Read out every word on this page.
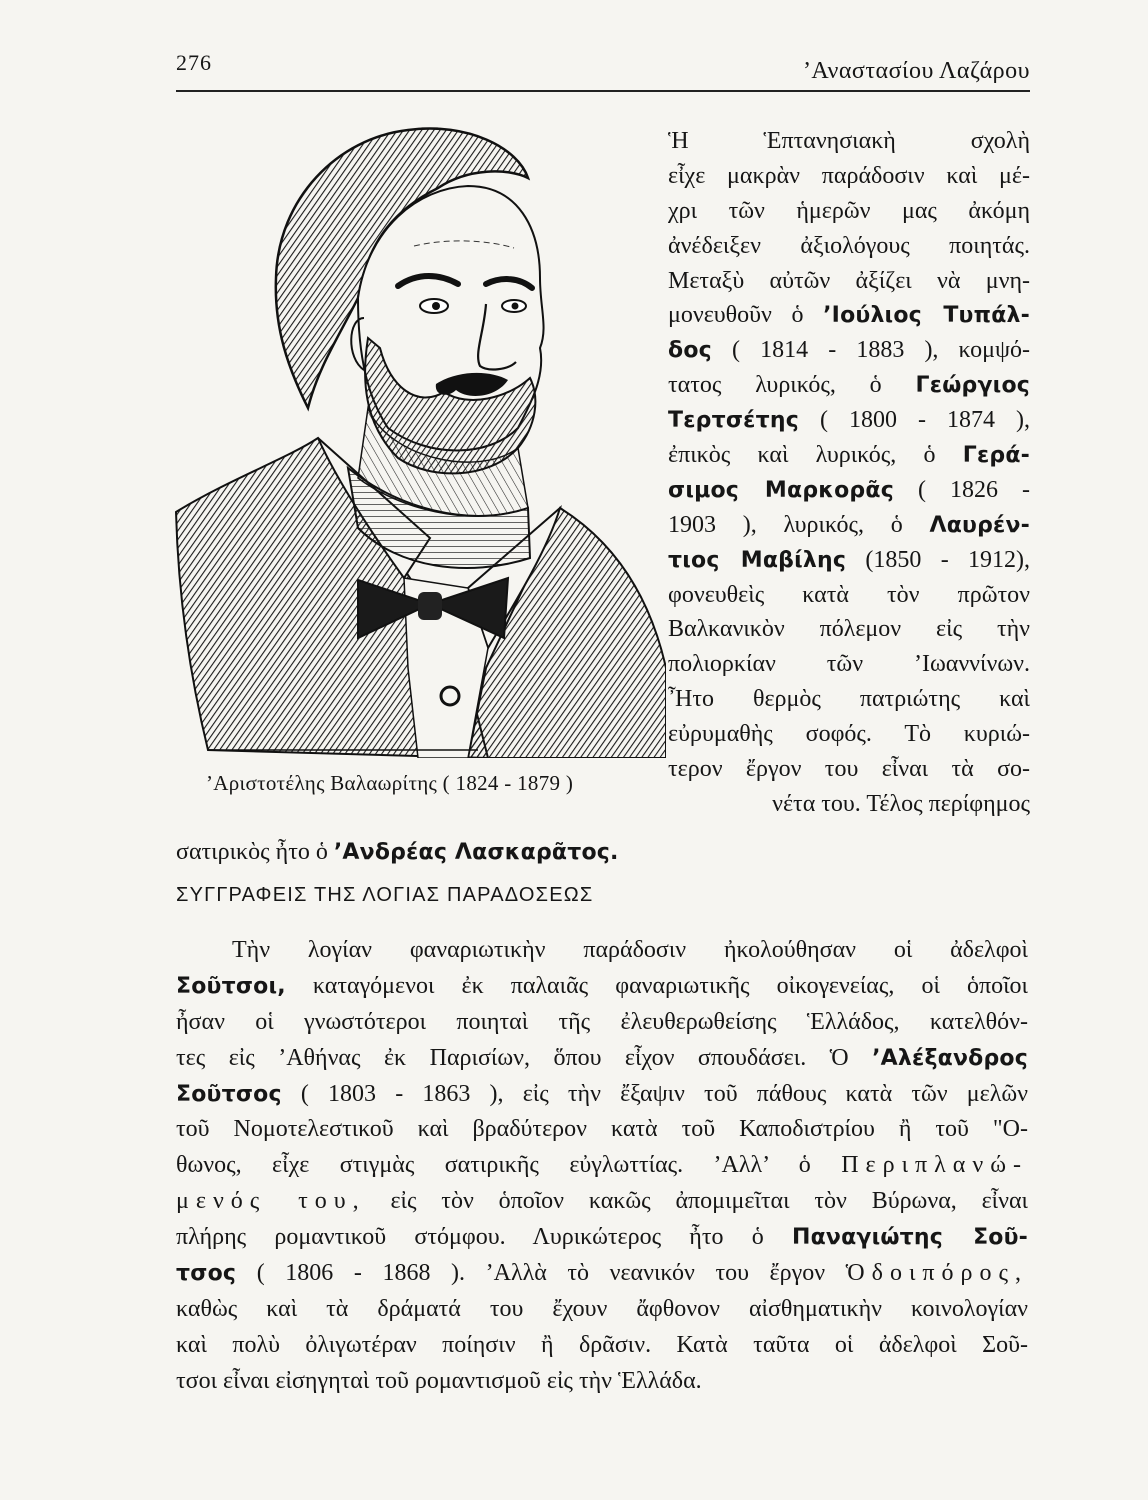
276	’Αναστασίου Λαζάρου
’Αριστοτέλης Βαλαωρίτης ( 1824 - 1879 )
Ἡ Ἑπτανησιακὴ σχολὴ
εἶχε μακρὰν παράδοσιν καὶ μέ-
χρι τῶν ἡμερῶν μας ἀκόμη
ἀνέδειξεν ἀξιολόγους ποιητάς.
Μεταξὺ αὐτῶν ἀξίζει νὰ μνη-
μονευθοῦν ὁ ’Ιούλιος Τυπάλ-
δος ( 1814 - 1883 ), κομψό-
τατος λυρικός, ὁ Γεώργιος
Τερτσέτης ( 1800 - 1874 ),
ἐπικὸς καὶ λυρικός, ὁ Γερά-
σιμος Μαρκορᾶς ( 1826 -
1903 ), λυρικός, ὁ Λαυρέν-
τιος Μαβίλης (1850 - 1912),
φονευθεὶς κατὰ τὸν πρῶτον
Βαλκανικὸν πόλεμον εἰς τὴν
πολιορκίαν τῶν ’Ιωαννίνων.
Ἦτο θερμὸς πατριώτης καὶ
εὐρυμαθὴς σοφός. Τὸ κυριώ-
τερον ἔργον του εἶναι τὰ σο-
νέτα του. Τέλος περίφημος
σατιρικὸς ἦτο ὁ ’Ανδρέας Λασκαρᾶτος.
ΣΥΓΓΡΑΦΕΙΣ ΤΗΣ ΛΟΓΙΑΣ ΠΑΡΑΔΟΣΕΩΣ
Τὴν λογίαν φαναριωτικὴν παράδοσιν ἠκολούθησαν οἱ ἀδελφοὶ
Σοῦτσοι, καταγόμενοι ἐκ παλαιᾶς φαναριωτικῆς οἰκογενείας, οἱ ὁποῖοι
ἦσαν οἱ γνωστότεροι ποιηταὶ τῆς ἐλευθερωθείσης Ἑλλάδος, κατελθόν-
τες εἰς ’Αθήνας ἐκ Παρισίων, ὅπου εἶχον σπουδάσει. Ὁ ’Αλέξανδρος
Σοῦτσος ( 1803 - 1863 ), εἰς τὴν ἔξαψιν τοῦ πάθους κατὰ τῶν μελῶν
τοῦ Νομοτελεστικοῦ καὶ βραδύτερον κατὰ τοῦ Καποδιστρίου ἢ τοῦ "Ο-
θωνος, εἶχε στιγμὰς σατιρικῆς εὐγλωττίας. ’Αλλ’ ὁ Περιπλανώ-
μενός του, εἰς τὸν ὁποῖον κακῶς ἀπομιμεῖται τὸν Βύρωνα, εἶναι
πλήρης ρομαντικοῦ στόμφου. Λυρικώτερος ἦτο ὁ Παναγιώτης Σοῦ-
τσος ( 1806 - 1868 ). ’Αλλὰ τὸ νεανικόν του ἔργον Ὁδοιπόρος,
καθὼς καὶ τὰ δράματά του ἔχουν ἄφθονον αἰσθηματικὴν κοινολογίαν
καὶ πολὺ ὀλιγωτέραν ποίησιν ἢ δρᾶσιν. Κατὰ ταῦτα οἱ ἀδελφοὶ Σοῦ-
τσοι εἶναι εἰσηγηταὶ τοῦ ρομαντισμοῦ εἰς τὴν Ἑλλάδα.
